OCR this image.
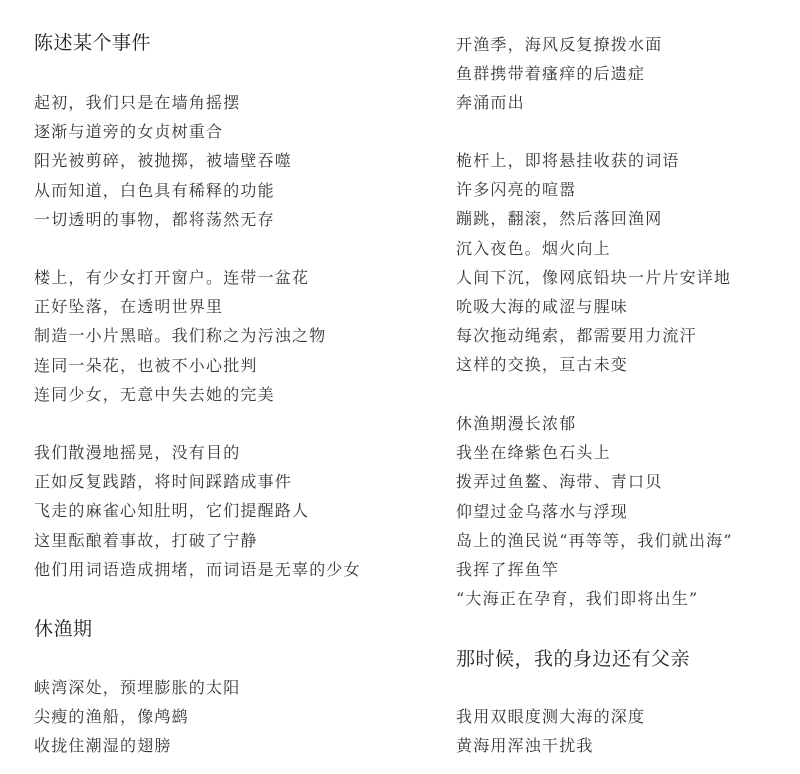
陈述某个事件
起初，我们只是在墙角摇摆
逐渐与道旁的女贞树重合
阳光被剪碎，被抛掷，被墙壁吞噬
从而知道，白色具有稀释的功能
一切透明的事物，都将荡然无存
楼上，有少女打开窗户。连带一盆花
正好坠落，在透明世界里
制造一小片黑暗。我们称之为污浊之物
连同一朵花，也被不小心批判
连同少女，无意中失去她的完美
我们散漫地摇晃，没有目的
正如反复践踏，将时间踩踏成事件
飞走的麻雀心知肚明，它们提醒路人
这里酝酿着事故，打破了宁静
他们用词语造成拥堵，而词语是无辜的少女
休渔期
峡湾深处，预埋膨胀的太阳
尖瘦的渔船，像鸬鹚
收拢住潮湿的翅膀
开渔季，海风反复撩拨水面
鱼群携带着瘙痒的后遗症
奔涌而出
桅杆上，即将悬挂收获的词语
许多闪亮的喧嚣
蹦跳，翻滚，然后落回渔网
沉入夜色。烟火向上
人间下沉，像网底铅块一片片安详地
吮吸大海的咸涩与腥味
每次拖动绳索，都需要用力流汗
这样的交换，亘古未变
休渔期漫长浓郁
我坐在绛紫色石头上
拨弄过鱼鳌、海带、青口贝
仰望过金乌落水与浮现
岛上的渔民说“再等等，我们就出海”
我挥了挥鱼竿
“大海正在孕育，我们即将出生”
那时候，我的身边还有父亲
我用双眼度测大海的深度
黄海用浑浊干扰我
